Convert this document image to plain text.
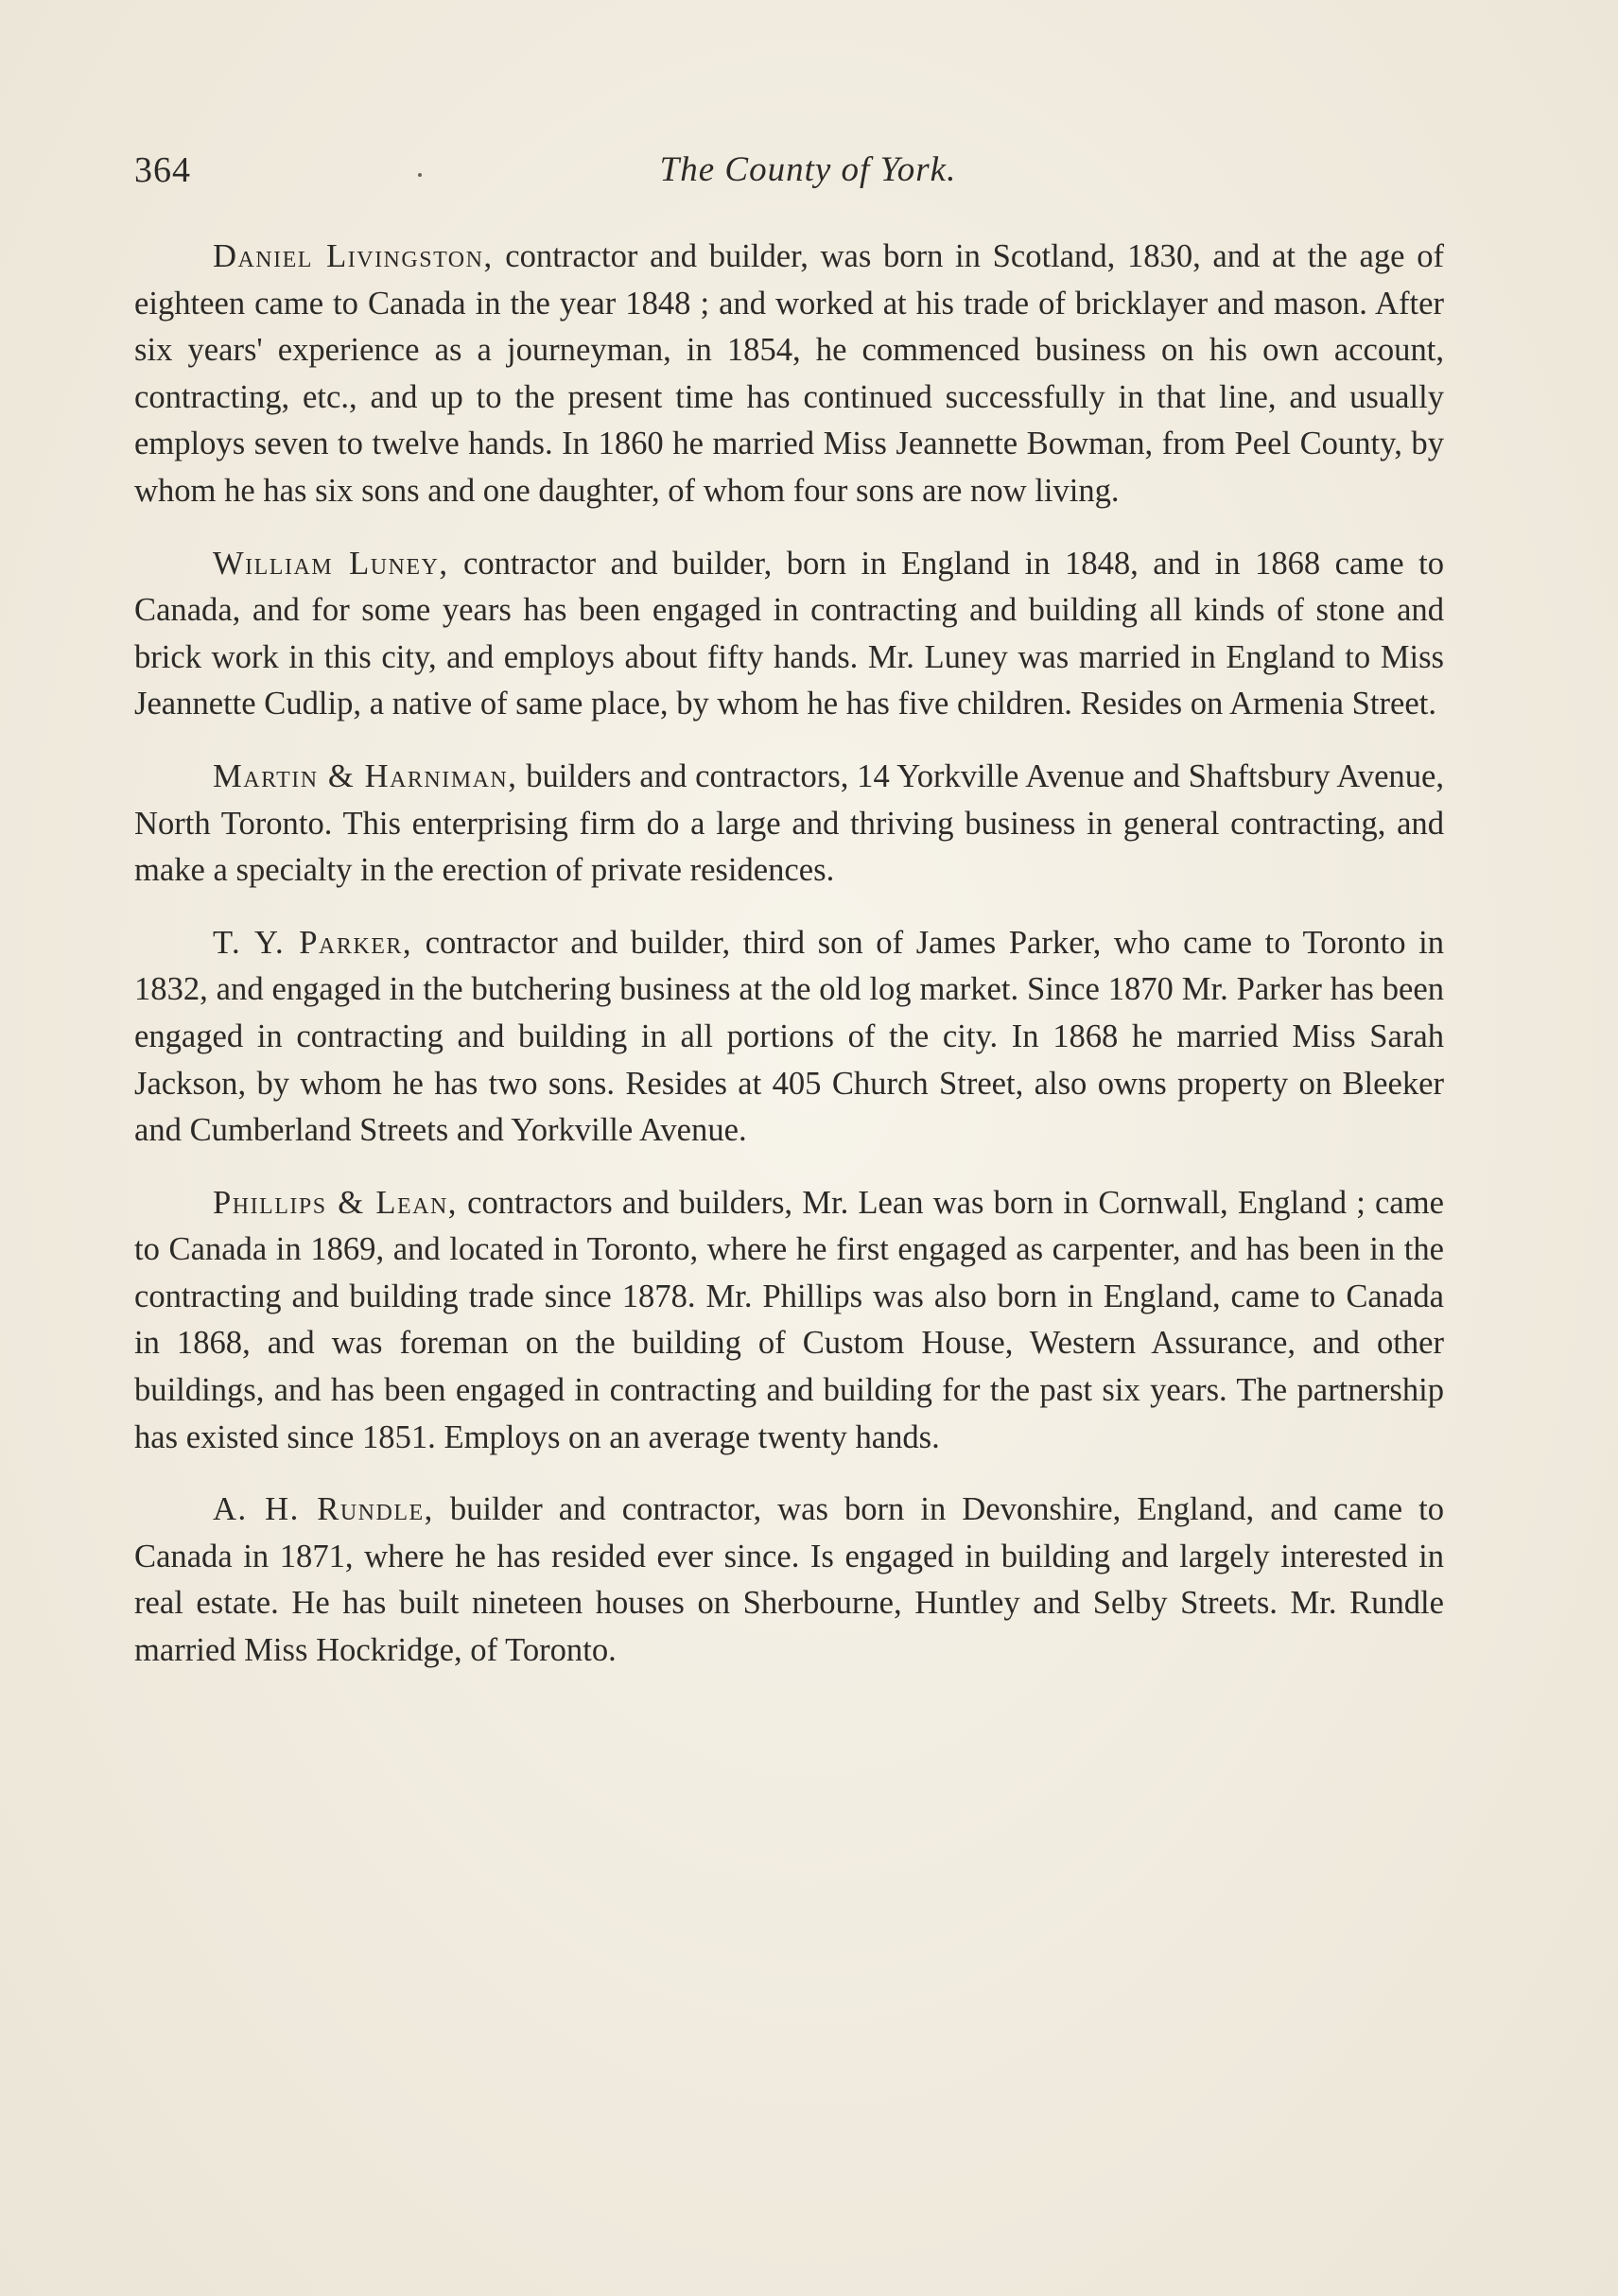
364	The County of York.

Daniel Livingston, contractor and builder, was born in Scotland, 1830, and at the age of eighteen came to Canada in the year 1848 ; and worked at his trade of bricklayer and mason. After six years' experience as a journeyman, in 1854, he commenced business on his own account, contracting, etc., and up to the present time has continued successfully in that line, and usually employs seven to twelve hands. In 1860 he married Miss Jeannette Bowman, from Peel County, by whom he has six sons and one daughter, of whom four sons are now living.

William Luney, contractor and builder, born in England in 1848, and in 1868 came to Canada, and for some years has been engaged in contracting and building all kinds of stone and brick work in this city, and employs about fifty hands. Mr. Luney was married in England to Miss Jeannette Cudlip, a native of same place, by whom he has five children. Resides on Armenia Street.

Martin & Harniman, builders and contractors, 14 Yorkville Avenue and Shaftsbury Avenue, North Toronto. This enterprising firm do a large and thriving business in general contracting, and make a specialty in the erection of private residences.

T. Y. Parker, contractor and builder, third son of James Parker, who came to Toronto in 1832, and engaged in the butchering business at the old log market. Since 1870 Mr. Parker has been engaged in contracting and building in all portions of the city. In 1868 he married Miss Sarah Jackson, by whom he has two sons. Resides at 405 Church Street, also owns property on Bleeker and Cumberland Streets and Yorkville Avenue.

Phillips & Lean, contractors and builders, Mr. Lean was born in Cornwall, England ; came to Canada in 1869, and located in Toronto, where he first engaged as carpenter, and has been in the contracting and building trade since 1878. Mr. Phillips was also born in England, came to Canada in 1868, and was foreman on the building of Custom House, Western Assurance, and other buildings, and has been engaged in contracting and building for the past six years. The partnership has existed since 1851. Employs on an average twenty hands.

A. H. Rundle, builder and contractor, was born in Devonshire, England, and came to Canada in 1871, where he has resided ever since. Is engaged in building and largely interested in real estate. He has built nineteen houses on Sherbourne, Huntley and Selby Streets. Mr. Rundle married Miss Hockridge, of Toronto.
